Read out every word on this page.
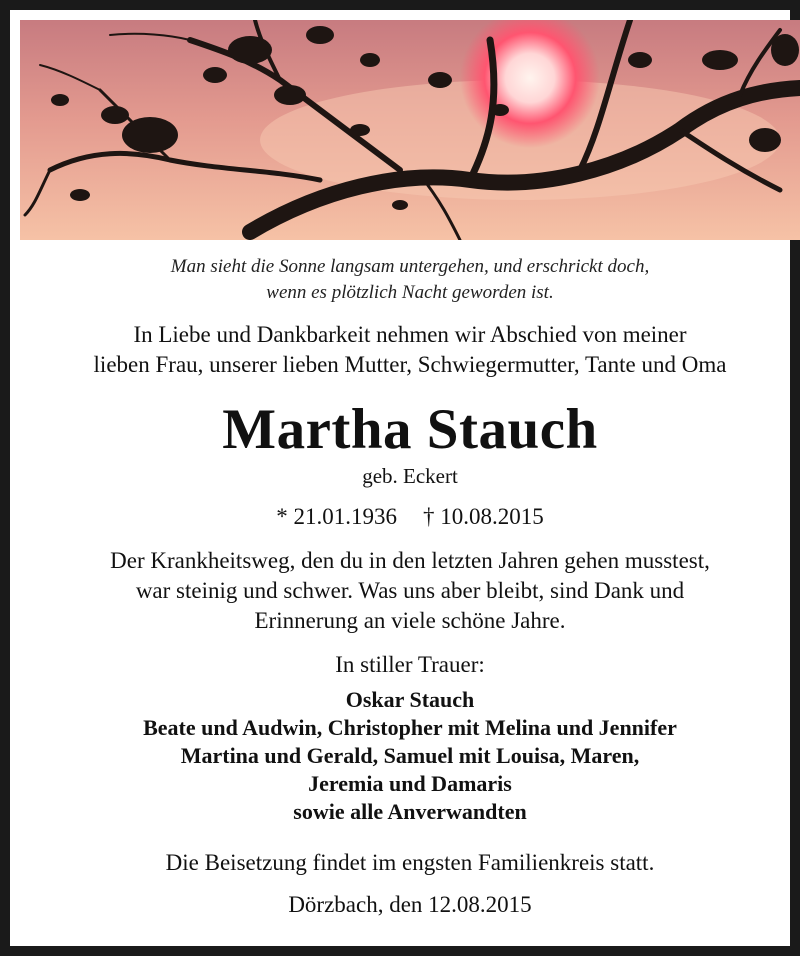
Man sieht die Sonne langsam untergehen, und erschrickt doch,
wenn es plötzlich Nacht geworden ist.
In Liebe und Dankbarkeit nehmen wir Abschied von meiner
lieben Frau, unserer lieben Mutter, Schwiegermutter, Tante und Oma
Martha Stauch
geb. Eckert
* 21.01.1936 † 10.08.2015
Der Krankheitsweg, den du in den letzten Jahren gehen musstest,
war steinig und schwer. Was uns aber bleibt, sind Dank und
Erinnerung an viele schöne Jahre.
In stiller Trauer:
Oskar Stauch
Beate und Audwin, Christopher mit Melina und Jennifer
Martina und Gerald, Samuel mit Louisa, Maren,
Jeremia und Damaris
sowie alle Anverwandten
Die Beisetzung findet im engsten Familienkreis statt.
Dörzbach, den 12.08.2015
